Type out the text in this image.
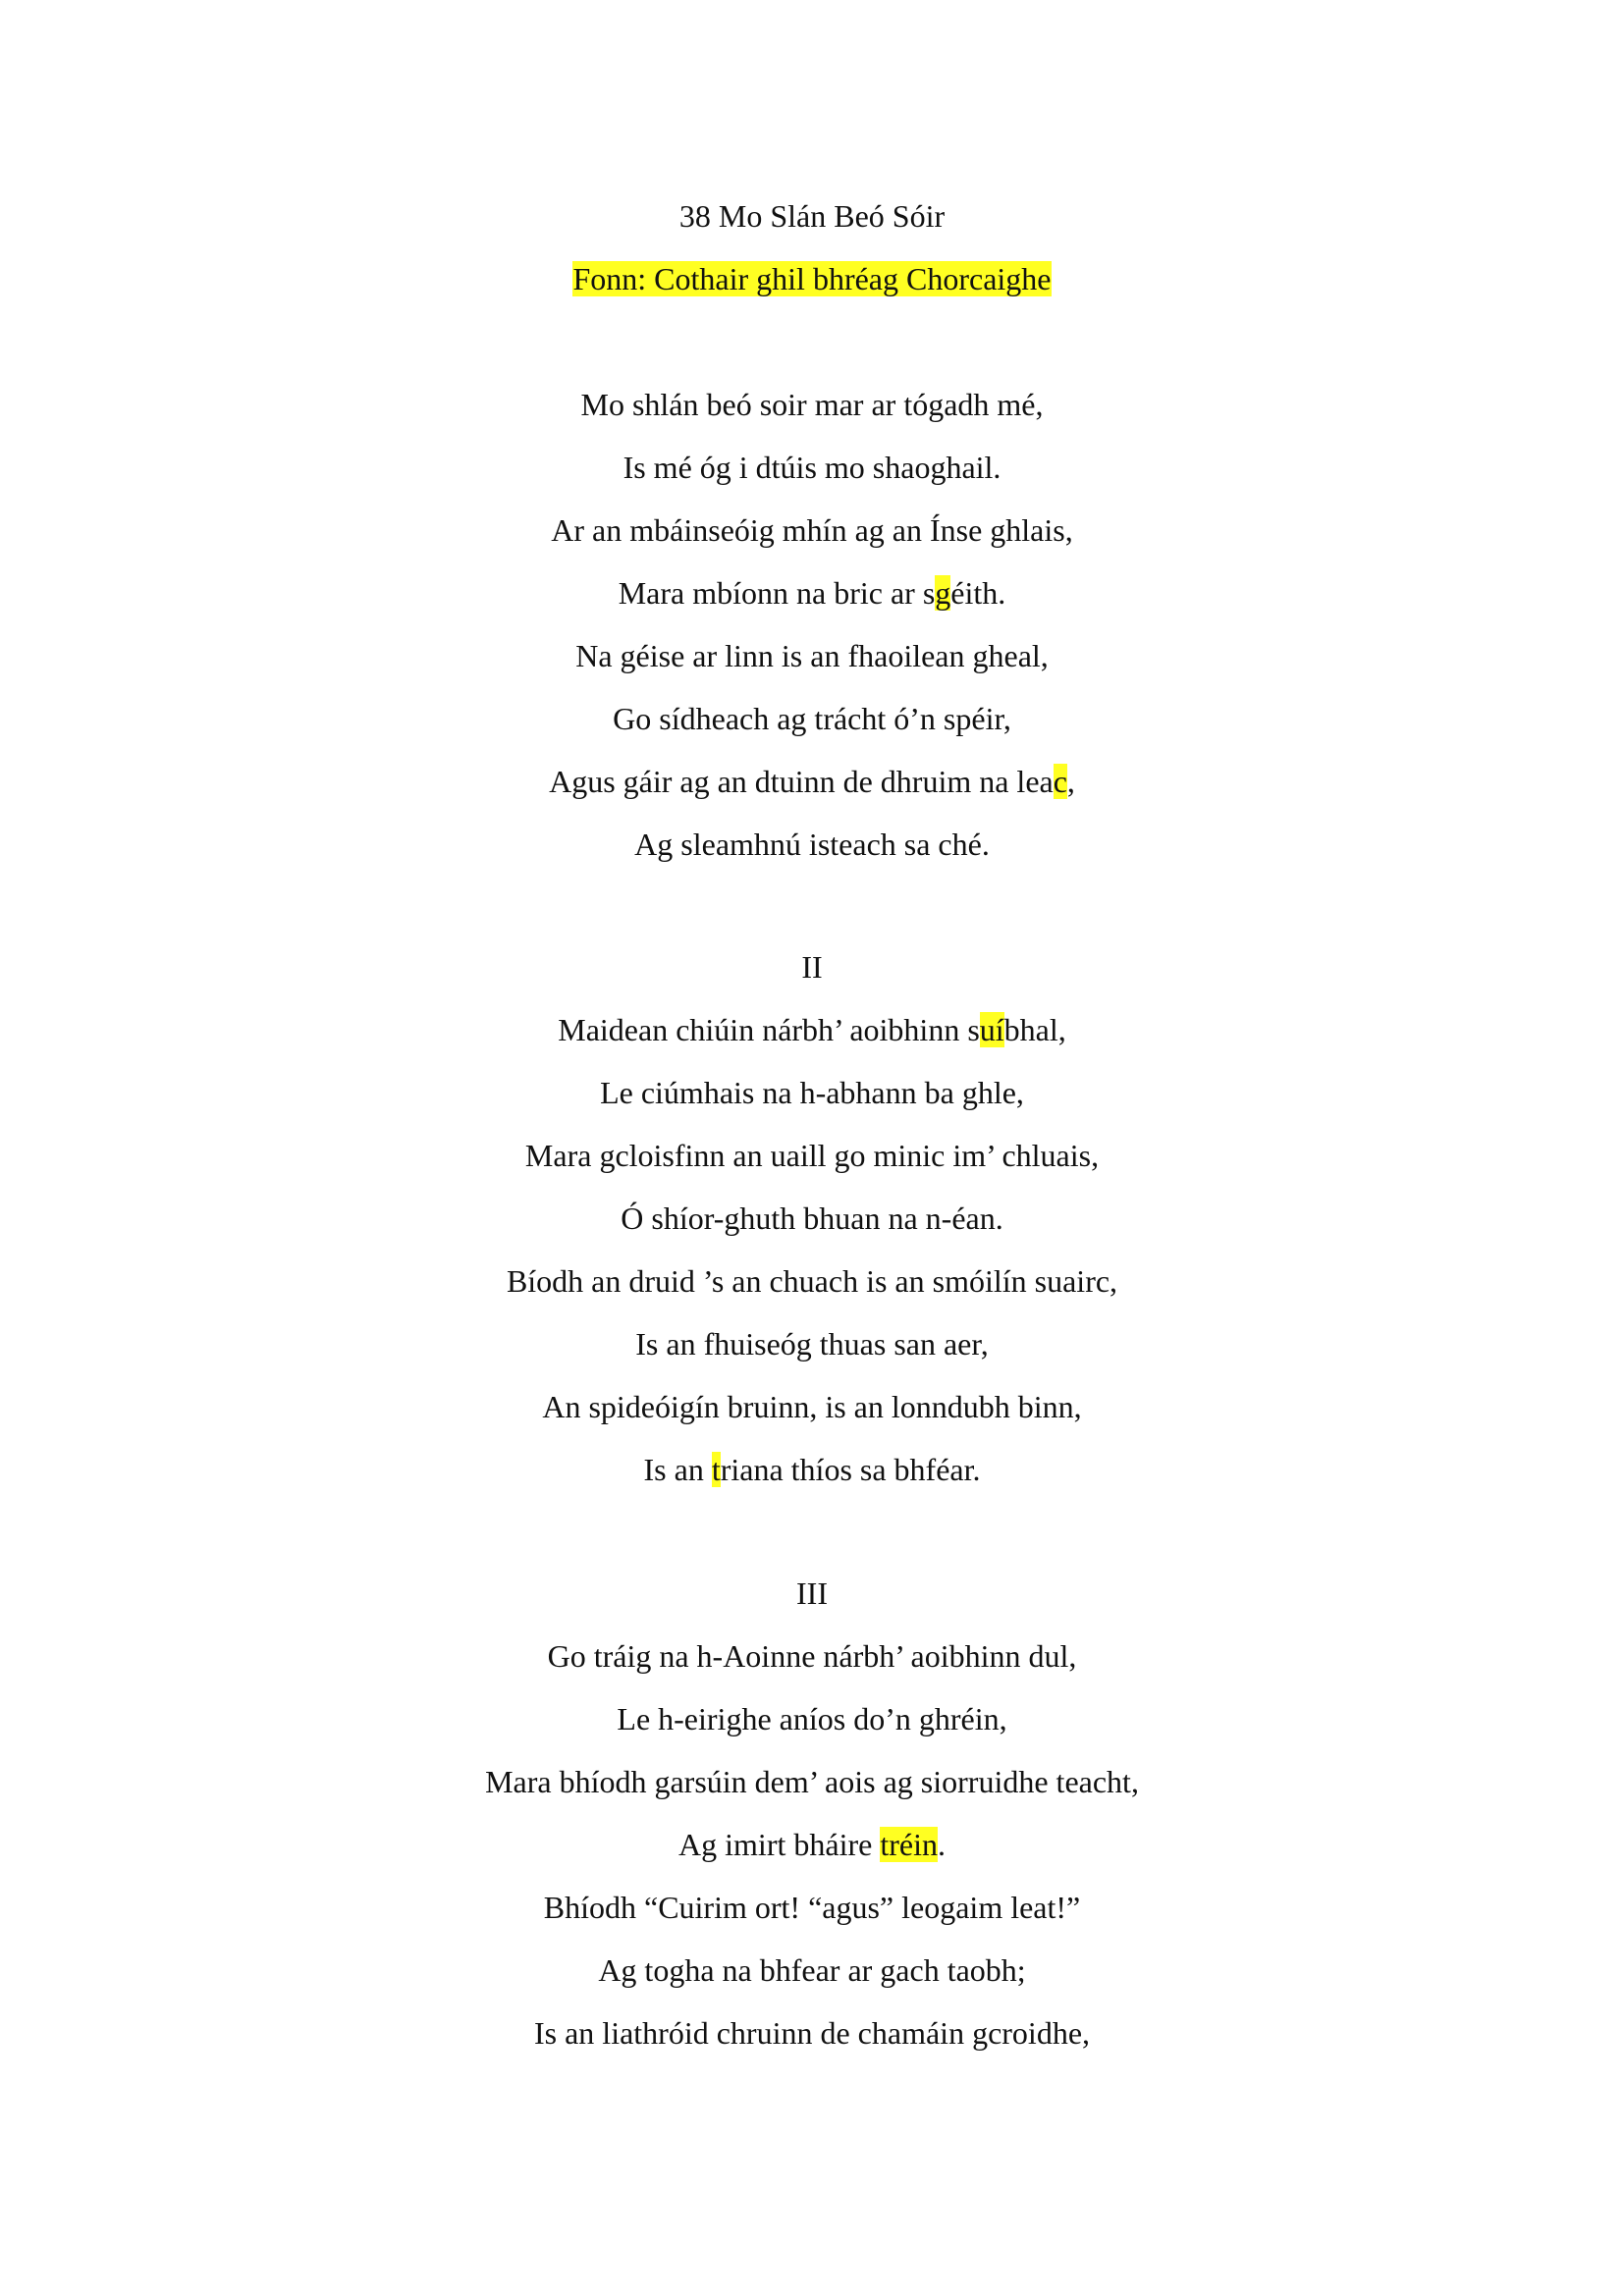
38 Mo Slán Beó Sóir
Fonn: Cothair ghil bhréag Chorcaighe
Mo shlán beó soir mar ar tógadh mé,
Is mé óg i dtúis mo shaoghail.
Ar an mbáinseóig mhín ag an Ínse ghlais,
Mara mbíonn na bric ar sgéith.
Na géise ar linn is an fhaoilean gheal,
Go sídheach ag trácht ó’n spéir,
Agus gáir ag an dtuinn de dhruim na leac,
Ag sleamhnú isteach sa ché.
II
Maidean chiúin nárbh’ aoibhinn suíbhal,
Le ciúmhais na h-abhann ba ghle,
Mara gcloisfinn an uaill go minic im’ chluais,
Ó shíor-ghuth bhuan na n-éan.
Bíodh an druid ’s an chuach is an smóilín suairc,
Is an fhuiseóg thuas san aer,
An spideóigín bruinn, is an lonndubh binn,
Is an triana thíos sa bhféar.
III
Go tráig na h-Aoinne nárbh’ aoibhinn dul,
Le h-eirighe aníos do’n ghréin,
Mara bhíodh garsúin dem’ aois ag siorruidhe teacht,
Ag imirt bháire tréin.
Bhíodh “Cuirim ort! “agus” leogaim leat!”
Ag togha na bhfear ar gach taobh;
Is an liathróid chruinn de chamáin gcroidhe,
